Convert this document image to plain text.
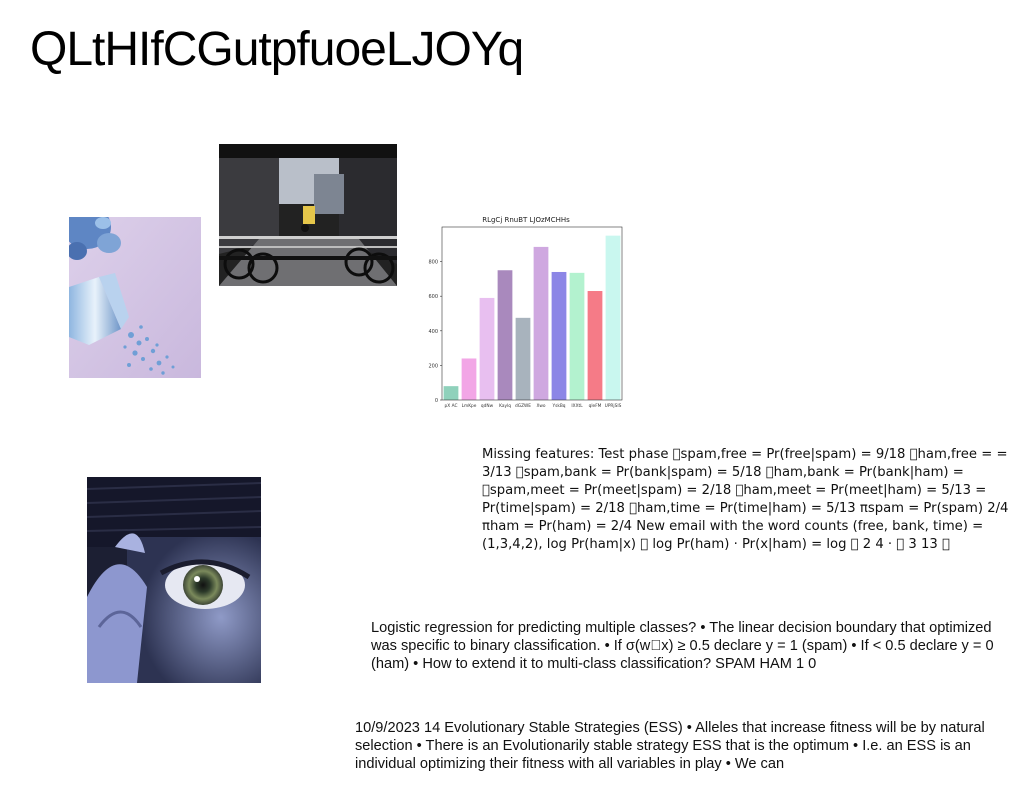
QLtHIfCGutpfuoeLJOYq
RLgCj RnuBT LJOzMCHHs
pX AC LmKpe qdNw Kaylq dGZWE Xwo YskBq IXXtL qleFM UPRjSIS
0
200
400
600
800
Missing features: Test phase 􏰀spam,free = Pr(free|spam) = 9/18 􏰀ham,free = = 3/13 􏰀spam,bank = Pr(bank|spam) = 5/18 􏰀ham,bank = Pr(bank|ham) = 􏰀spam,meet = Pr(meet|spam) = 2/18 􏰀ham,meet = Pr(meet|ham) = 5/13 = Pr(time|spam) = 2/18 􏰀ham,time = Pr(time|ham) = 5/13 πspam = Pr(spam) 2/4 πham = Pr(ham) = 2/4 New email with the word counts (free, bank, time) = (1,3,4,2), log Pr(ham|x) 􏰁 log Pr(ham) · Pr(x|ham) = log 􏰃 2 4 · 􏰃 3 13 􏰄
Logistic regression for predicting multiple classes? • The linear decision boundary that optimized was specific to binary classification. • If σ(w􏰀x) ≥ 0.5 declare y = 1 (spam) • If < 0.5 declare y = 0 (ham) • How to extend it to multi-class classification? SPAM HAM 1 0
10/9/2023 14 Evolutionary Stable Strategies (ESS) • Alleles that increase fitness will be by natural selection • There is an Evolutionarily stable strategy ESS that is the optimum • I.e. an ESS is an individual optimizing their fitness with all variables in play • We can
